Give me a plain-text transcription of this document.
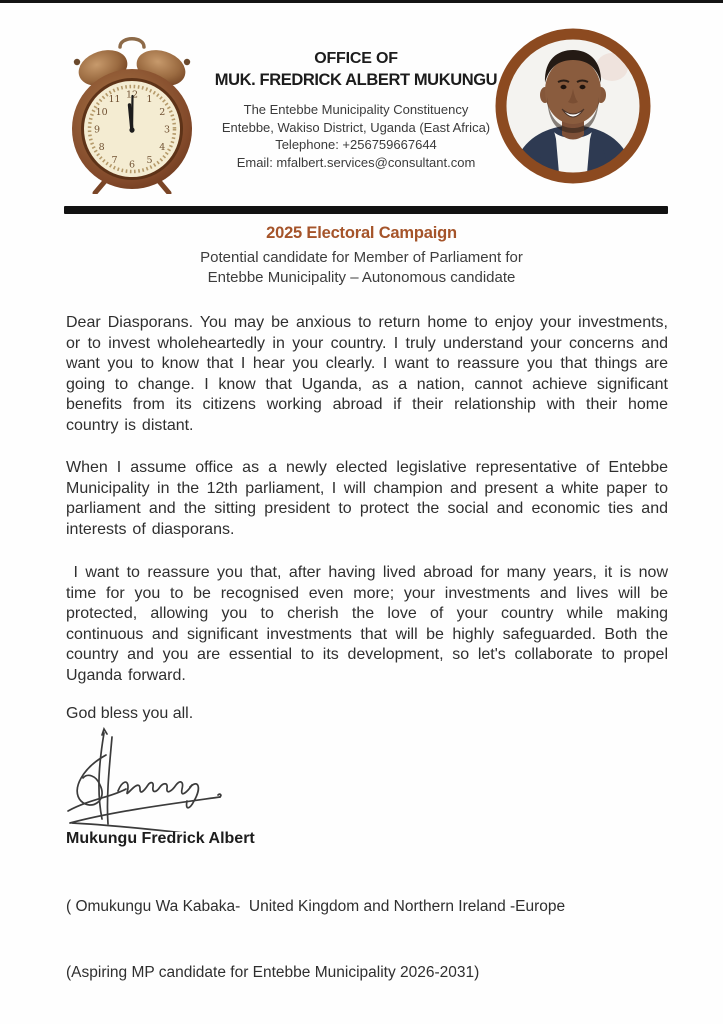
12 1
2
3
4
5
6
7
8
9
10
11
OFFICE OF
MUK. FREDRICK ALBERT MUKUNGU
The Entebbe Municipality Constituency
Entebbe, Wakiso District, Uganda (East Africa)
Telephone: +256759667644
Email: mfalbert.services@consultant.com
2025 Electoral Campaign
Potential candidate for Member of Parliament for
Entebbe Municipality – Autonomous candidate
Dear Diasporans. You may be anxious to return home to enjoy your investments, or to invest wholeheartedly in your country. I truly understand your concerns and want you to know that I hear you clearly. I want to reassure you that things are going to change. I know that Uganda, as a nation, cannot achieve significant benefits from its citizens working abroad if their relationship with their home country is distant.
When I assume office as a newly elected legislative representative of Entebbe Municipality in the 12th parliament, I will champion and present a white paper to parliament and the sitting president to protect the social and economic ties and interests of diasporans.
I want to reassure you that, after having lived abroad for many years, it is now time for you to be recognised even more; your investments and lives will be protected, allowing you to cherish the love of your country while making continuous and significant investments that will be highly safeguarded. Both the country and you are essential to its development, so let's collaborate to propel Uganda forward.
God bless you all.
Mukungu Fredrick Albert

( Omukungu Wa Kabaka-  United Kingdom and Northern Ireland -Europe

(Aspiring MP candidate for Entebbe Municipality 2026-2031)
